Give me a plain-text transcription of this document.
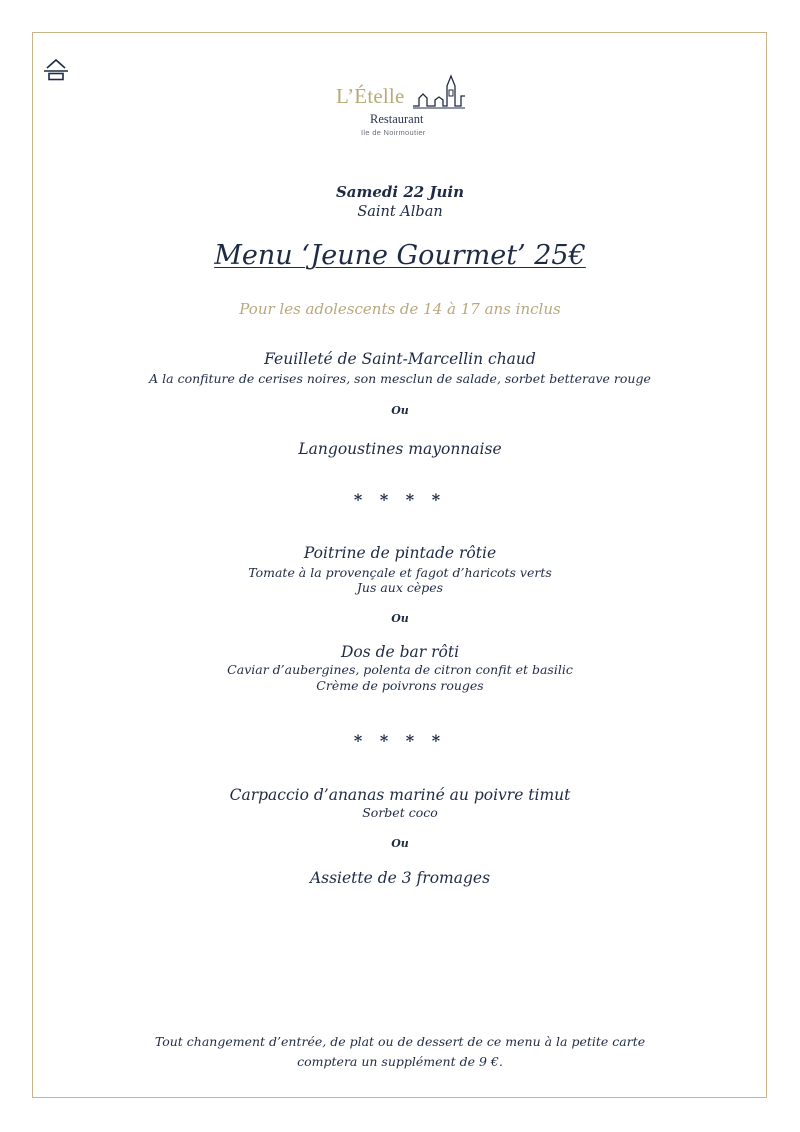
L’Ételle
Restaurant
Ile de Noirmoutier
Samedi 22 Juin
Saint Alban
Menu ‘Jeune Gourmet’ 25€
Pour les adolescents de 14 à 17 ans inclus
Feuilleté de Saint-Marcellin chaud
A la confiture de cerises noires, son mesclun de salade, sorbet betterave rouge
Ou
Langoustines mayonnaise
* * * *
Poitrine de pintade rôtie
Tomate à la provençale et fagot d’haricots verts
Jus aux cèpes
Ou
Dos de bar rôti
Caviar d’aubergines, polenta de citron confit et basilic
Crème de poivrons rouges
* * * *
Carpaccio d’ananas mariné au poivre timut
Sorbet coco
Ou
Assiette de 3 fromages
Tout changement d’entrée, de plat ou de dessert de ce menu à la petite carte
comptera un supplément de 9 €.
